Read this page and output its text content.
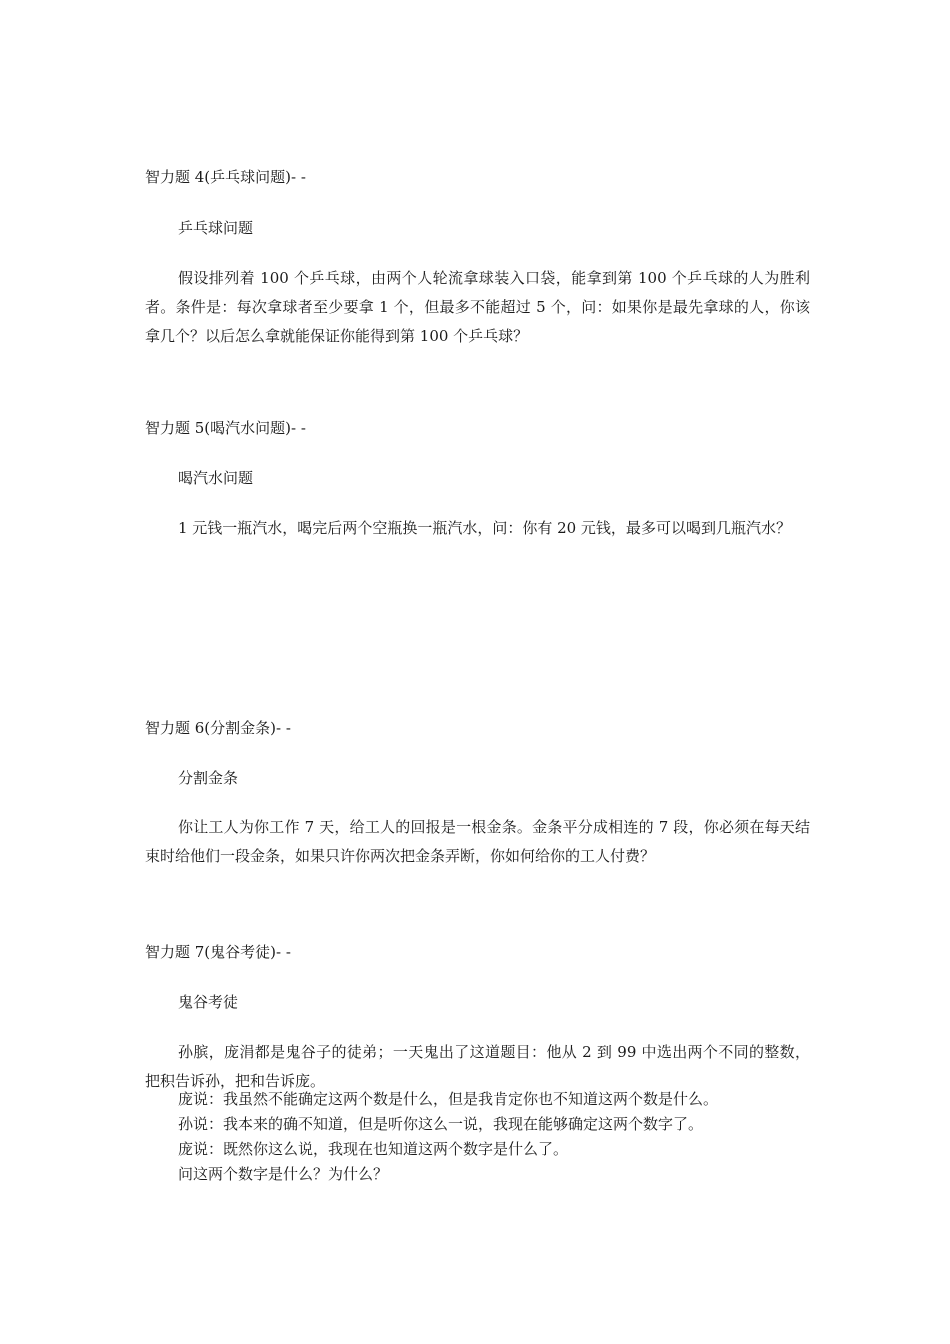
智力题 4(乒乓球问题)- -
乒乓球问题

假设排列着 100 个乒乓球，由两个人轮流拿球装入口袋，能拿到第 100 个乒乓球的人为胜利者。条件是：每次拿球者至少要拿 1 个，但最多不能超过 5 个，问：如果你是最先拿球的人，你该拿几个？以后怎么拿就能保证你能得到第 100 个乒乓球？

智力题 5(喝汽水问题)- -
喝汽水问题

1 元钱一瓶汽水，喝完后两个空瓶换一瓶汽水，问：你有 20 元钱，最多可以喝到几瓶汽水？

智力题 6(分割金条)- -
分割金条

你让工人为你工作 7 天，给工人的回报是一根金条。金条平分成相连的 7 段，你必须在每天结束时给他们一段金条，如果只许你两次把金条弄断，你如何给你的工人付费？

智力题 7(鬼谷考徒)- -
鬼谷考徒

孙膑，庞涓都是鬼谷子的徒弟；一天鬼出了这道题目：他从 2 到 99 中选出两个不同的整数，把积告诉孙，把和告诉庞。

庞说：我虽然不能确定这两个数是什么，但是我肯定你也不知道这两个数是什么。
孙说：我本来的确不知道，但是听你这么一说，我现在能够确定这两个数字了。
庞说：既然你这么说，我现在也知道这两个数字是什么了。
问这两个数字是什么？为什么？
